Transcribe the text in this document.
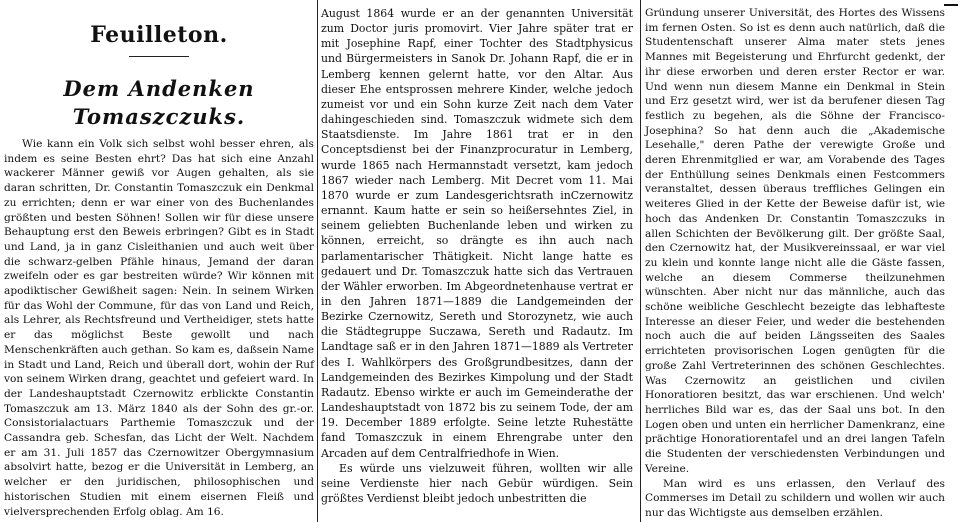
Feuilleton.

Dem Andenken Tomaszczuks.

Wie kann ein Volk sich selbst wohl besser ehren, als indem es seine Besten ehrt? Das hat sich eine Anzahl wackerer Männer gewiß vor Augen gehalten, als sie daran schritten, Dr. Constantin Tomaszczuk ein Denkmal zu errichten; denn er war einer von des Buchenlandes größten und besten Söhnen! Sollen wir für diese unsere Behauptung erst den Beweis erbringen? Gibt es in Stadt und Land, ja in ganz Cisleithanien und auch weit über die schwarz-gelben Pfähle hinaus, Jemand der daran zweifeln oder es gar bestreiten würde? Wir können mit apodiktischer Gewißheit sagen: Nein. In seinem Wirken für das Wohl der Commune, für das von Land und Reich, als Lehrer, als Rechtsfreund und Vertheidiger, stets hatte er das möglichst Beste gewollt und nach Menschenkräften auch gethan. So kam es, daßsein Name in Stadt und Land, Reich und überall dort, wohin der Ruf von seinem Wirken drang, geachtet und gefeiert ward. In der Landeshauptstadt Czernowitz erblickte Constantin Tomaszczuk am 13. März 1840 als der Sohn des gr.-or. Consistorialactuars Parthemie Tomaszczuk und der Cassandra geb. Schesfan, das Licht der Welt. Nachdem er am 31. Juli 1857 das Czernowitzer Obergymnasium absolvirt hatte, bezog er die Universität in Lemberg, an welcher er den juridischen, philosophischen und historischen Studien mit einem eisernen Fleiß und vielversprechenden Erfolg oblag. Am 16.

August 1864 wurde er an der genannten Universität zum Doctor juris promovirt. Vier Jahre später trat er mit Josephine Rapf, einer Tochter des Stadtphysicus und Bürgermeisters in Sanok Dr. Johann Rapf, die er in Lemberg kennen gelernt hatte, vor den Altar. Aus dieser Ehe entsprossen mehrere Kinder, welche jedoch zumeist vor und ein Sohn kurze Zeit nach dem Vater dahingeschieden sind. Tomaszczuk widmete sich dem Staatsdienste. Im Jahre 1861 trat er in den Conceptsdienst bei der Finanzprocuratur in Lemberg, wurde 1865 nach Hermannstadt versetzt, kam jedoch 1867 wieder nach Lemberg. Mit Decret vom 11. Mai 1870 wurde er zum Landesgerichtsrath inCzernowitz ernannt. Kaum hatte er sein so heißersehntes Ziel, in seinem geliebten Buchenlande leben und wirken zu können, erreicht, so drängte es ihn auch nach parlamentarischer Thätigkeit. Nicht lange hatte es gedauert und Dr. Tomaszczuk hatte sich das Vertrauen der Wähler erworben. Im Abgeordnetenhause vertrat er in den Jahren 1871—1889 die Landgemeinden der Bezirke Czernowitz, Sereth und Storozynetz, wie auch die Städtegruppe Suczawa, Sereth und Radautz. Im Landtage saß er in den Jahren 1871—1889 als Vertreter des I. Wahlkörpers des Großgrundbesitzes, dann der Landgemeinden des Bezirkes Kimpolung und der Stadt Radautz. Ebenso wirkte er auch im Gemeinderathe der Landeshauptstadt von 1872 bis zu seinem Tode, der am 19. December 1889 erfolgte. Seine letzte Ruhestätte fand Tomaszczuk in einem Ehrengrabe unter den Arcaden auf dem Centralfriedhofe in Wien.

Es würde uns vielzuweit führen, wollten wir alle seine Verdienste hier nach Gebür würdigen. Sein größtes Verdienst bleibt jedoch unbestritten die

Gründung unserer Universität, des Hortes des Wissens im fernen Osten. So ist es denn auch natürlich, daß die Studentenschaft unserer Alma mater stets jenes Mannes mit Begeisterung und Ehrfurcht gedenkt, der ihr diese erworben und deren erster Rector er war. Und wenn nun diesem Manne ein Denkmal in Stein und Erz gesetzt wird, wer ist da berufener diesen Tag festlich zu begehen, als die Söhne der Francisco-Josephina? So hat denn auch die „Akademische Lesehalle," deren Pathe der verewigte Große und deren Ehrenmitglied er war, am Vorabende des Tages der Enthüllung seines Denkmals einen Festcommers veranstaltet, dessen überaus treffliches Gelingen ein weiteres Glied in der Kette der Beweise dafür ist, wie hoch das Andenken Dr. Constantin Tomaszczuks in allen Schichten der Bevölkerung gilt. Der größte Saal, den Czernowitz hat, der Musikvereinssaal, er war viel zu klein und konnte lange nicht alle die Gäste fassen, welche an diesem Commerse theilzunehmen wünschten. Aber nicht nur das männliche, auch das schöne weibliche Geschlecht bezeigte das lebhafteste Interesse an dieser Feier, und weder die bestehenden noch auch die auf beiden Längsseiten des Saales errichteten provisorischen Logen genügten für die große Zahl Vertreterinnen des schönen Geschlechtes. Was Czernowitz an geistlichen und civilen Honoratioren besitzt, das war erschienen. Und welch' herrliches Bild war es, das der Saal uns bot. In den Logen oben und unten ein herrlicher Damenkranz, eine prächtige Honoratiorentafel und an drei langen Tafeln die Studenten der verschiedensten Verbindungen und Vereine.

Man wird es uns erlassen, den Verlauf des Commerses im Detail zu schildern und wollen wir auch nur das Wichtigste aus demselben erzählen.
